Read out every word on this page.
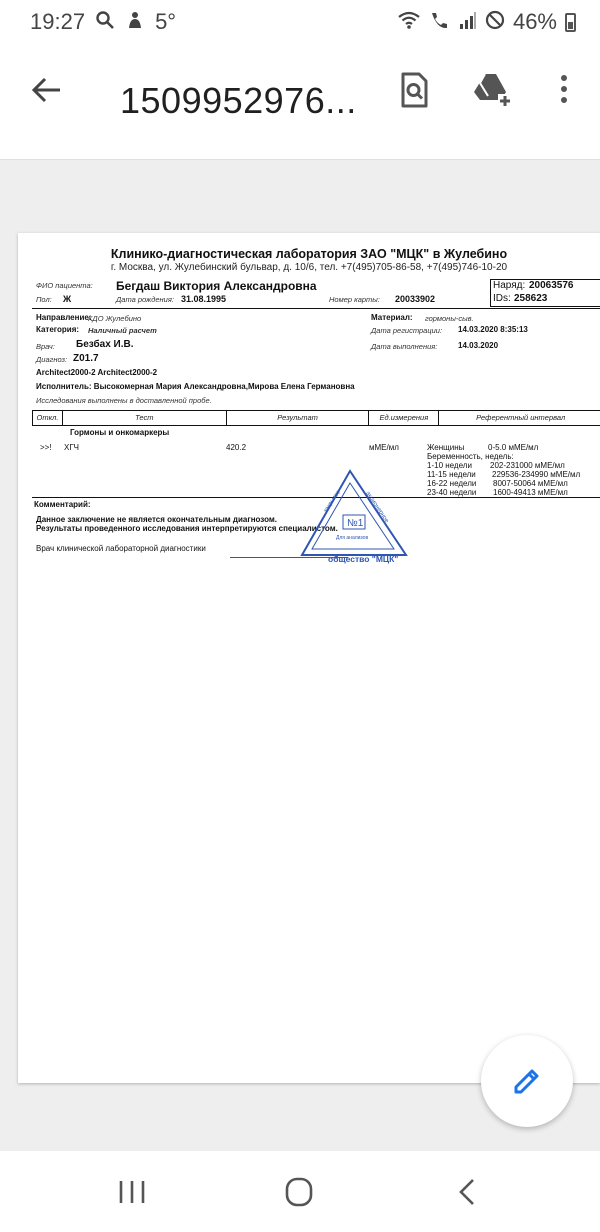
19:27	5°	46%
1509952976...
Клинико-диагностическая лаборатория ЗАО "МЦК" в Жулебино
г. Москва, ул. Жулебинский бульвар, д. 10/6, тел. +7(495)705-86-58, +7(495)746-10-20
Наряд: 20063576
IDs: 258623
ФИО пациента: Бегдаш Виктория Александровна
Пол: Ж	Дата рождения: 31.08.1995	Номер карты: 20033902
Направление:
КДО Жулебино
Категория: Наличный расчет
Материал: гормоны-сыв.
Дата регистрации: 14.03.2020 8:35:13
Дата выполнения:	14.03.2020
Врач: Безбах И.В.
Диагноз: Z01.7
Architect2000-2 Architect2000-2
Исполнитель: Высокомерная Мария Александровна,Мирова Елена Германовна
Исследования выполнены в доставленной пробе.
Откл.	Тест	Результат	Ед.измерения	Референтный интервал
Гормоны и онкомаркеры
>>! ХГЧ	420.2	мМЕ/мл	Женщины	0-5.0 мМЕ/мл
Беременность, недель:
1-10 недели 202-231000 мМЕ/мл
11-15 недели 229536-234990 мМЕ/мл
16-22 недели 8007-50064 мМЕ/мл
23-40 недели 1600-49413 мМЕ/мл
Комментарий:
Данное заключение не является окончательным диагнозом.
Результаты проведенного исследования интерпретируются специалистом.
Врач клинической лабораторной диагностики
№1
Для анализов
общество "МЦК"
акционерное
закрытое
